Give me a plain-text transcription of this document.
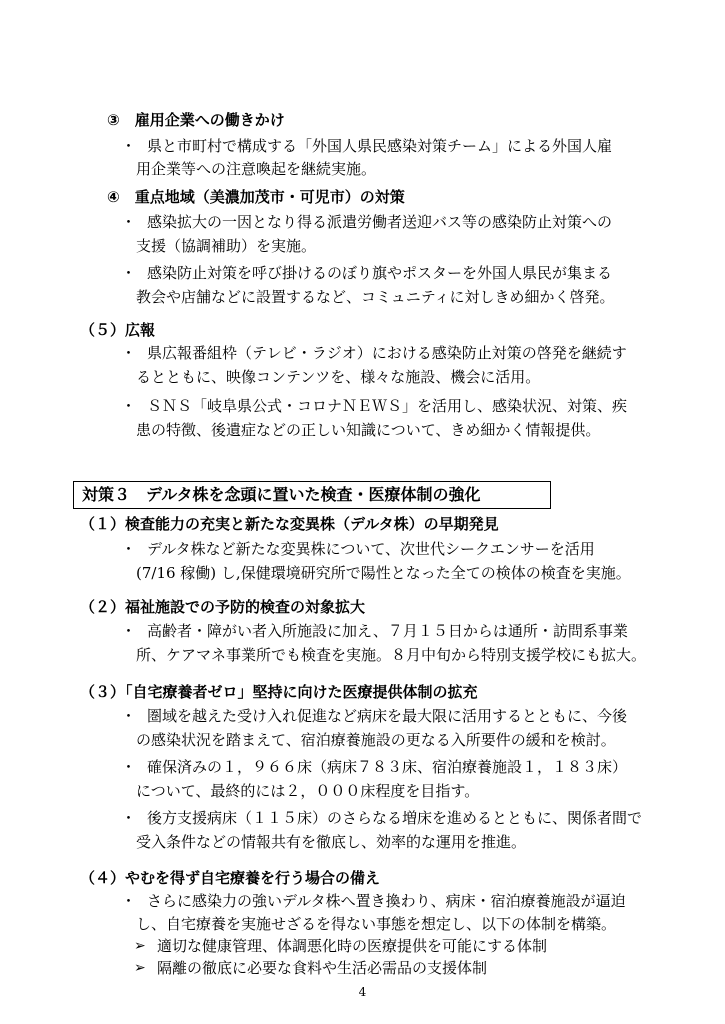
③　雇用企業への働きかけ
・ 県と市町村で構成する「外国人県民感染対策チーム」による外国人雇
用企業等への注意喚起を継続実施。
④　重点地域（美濃加茂市・可児市）の対策
・ 感染拡大の一因となり得る派遣労働者送迎バス等の感染防止対策への
支援（協調補助）を実施。
・ 感染防止対策を呼び掛けるのぼり旗やポスターを外国人県民が集まる
教会や店舗などに設置するなど、コミュニティに対しきめ細かく啓発。
（５）広報
・ 県広報番組枠（テレビ・ラジオ）における感染防止対策の啓発を継続す
るとともに、映像コンテンツを、様々な施設、機会に活用。
・ ＳＮＳ「岐阜県公式・コロナＮＥＷＳ」を活用し、感染状況、対策、疾
患の特徴、後遺症などの正しい知識について、きめ細かく情報提供。
対策３　デルタ株を念頭に置いた検査・医療体制の強化
（１）検査能力の充実と新たな変異株（デルタ株）の早期発見
・ デルタ株など新たな変異株について、次世代シークエンサーを活用
(7/16 稼働) し,保健環境研究所で陽性となった全ての検体の検査を実施。
（２）福祉施設での予防的検査の対象拡大
・ 高齢者・障がい者入所施設に加え、７月１５日からは通所・訪問系事業
所、ケアマネ事業所でも検査を実施。８月中旬から特別支援学校にも拡大。
（３）「自宅療養者ゼロ」堅持に向けた医療提供体制の拡充
・ 圏域を越えた受け入れ促進など病床を最大限に活用するとともに、今後
の感染状況を踏まえて、宿泊療養施設の更なる入所要件の緩和を検討。
・ 確保済みの１，９６６床（病床７８３床、宿泊療養施設１，１８３床）
について、最終的には２，０００床程度を目指す。
・ 後方支援病床（１１５床）のさらなる増床を進めるとともに、関係者間で
受入条件などの情報共有を徹底し、効率的な運用を推進。
（４）やむを得ず自宅療養を行う場合の備え
・ さらに感染力の強いデルタ株へ置き換わり、病床・宿泊療養施設が逼迫
し、自宅療養を実施せざるを得ない事態を想定し、以下の体制を構築。
➢ 適切な健康管理、体調悪化時の医療提供を可能にする体制
➢ 隔離の徹底に必要な食料や生活必需品の支援体制
4
